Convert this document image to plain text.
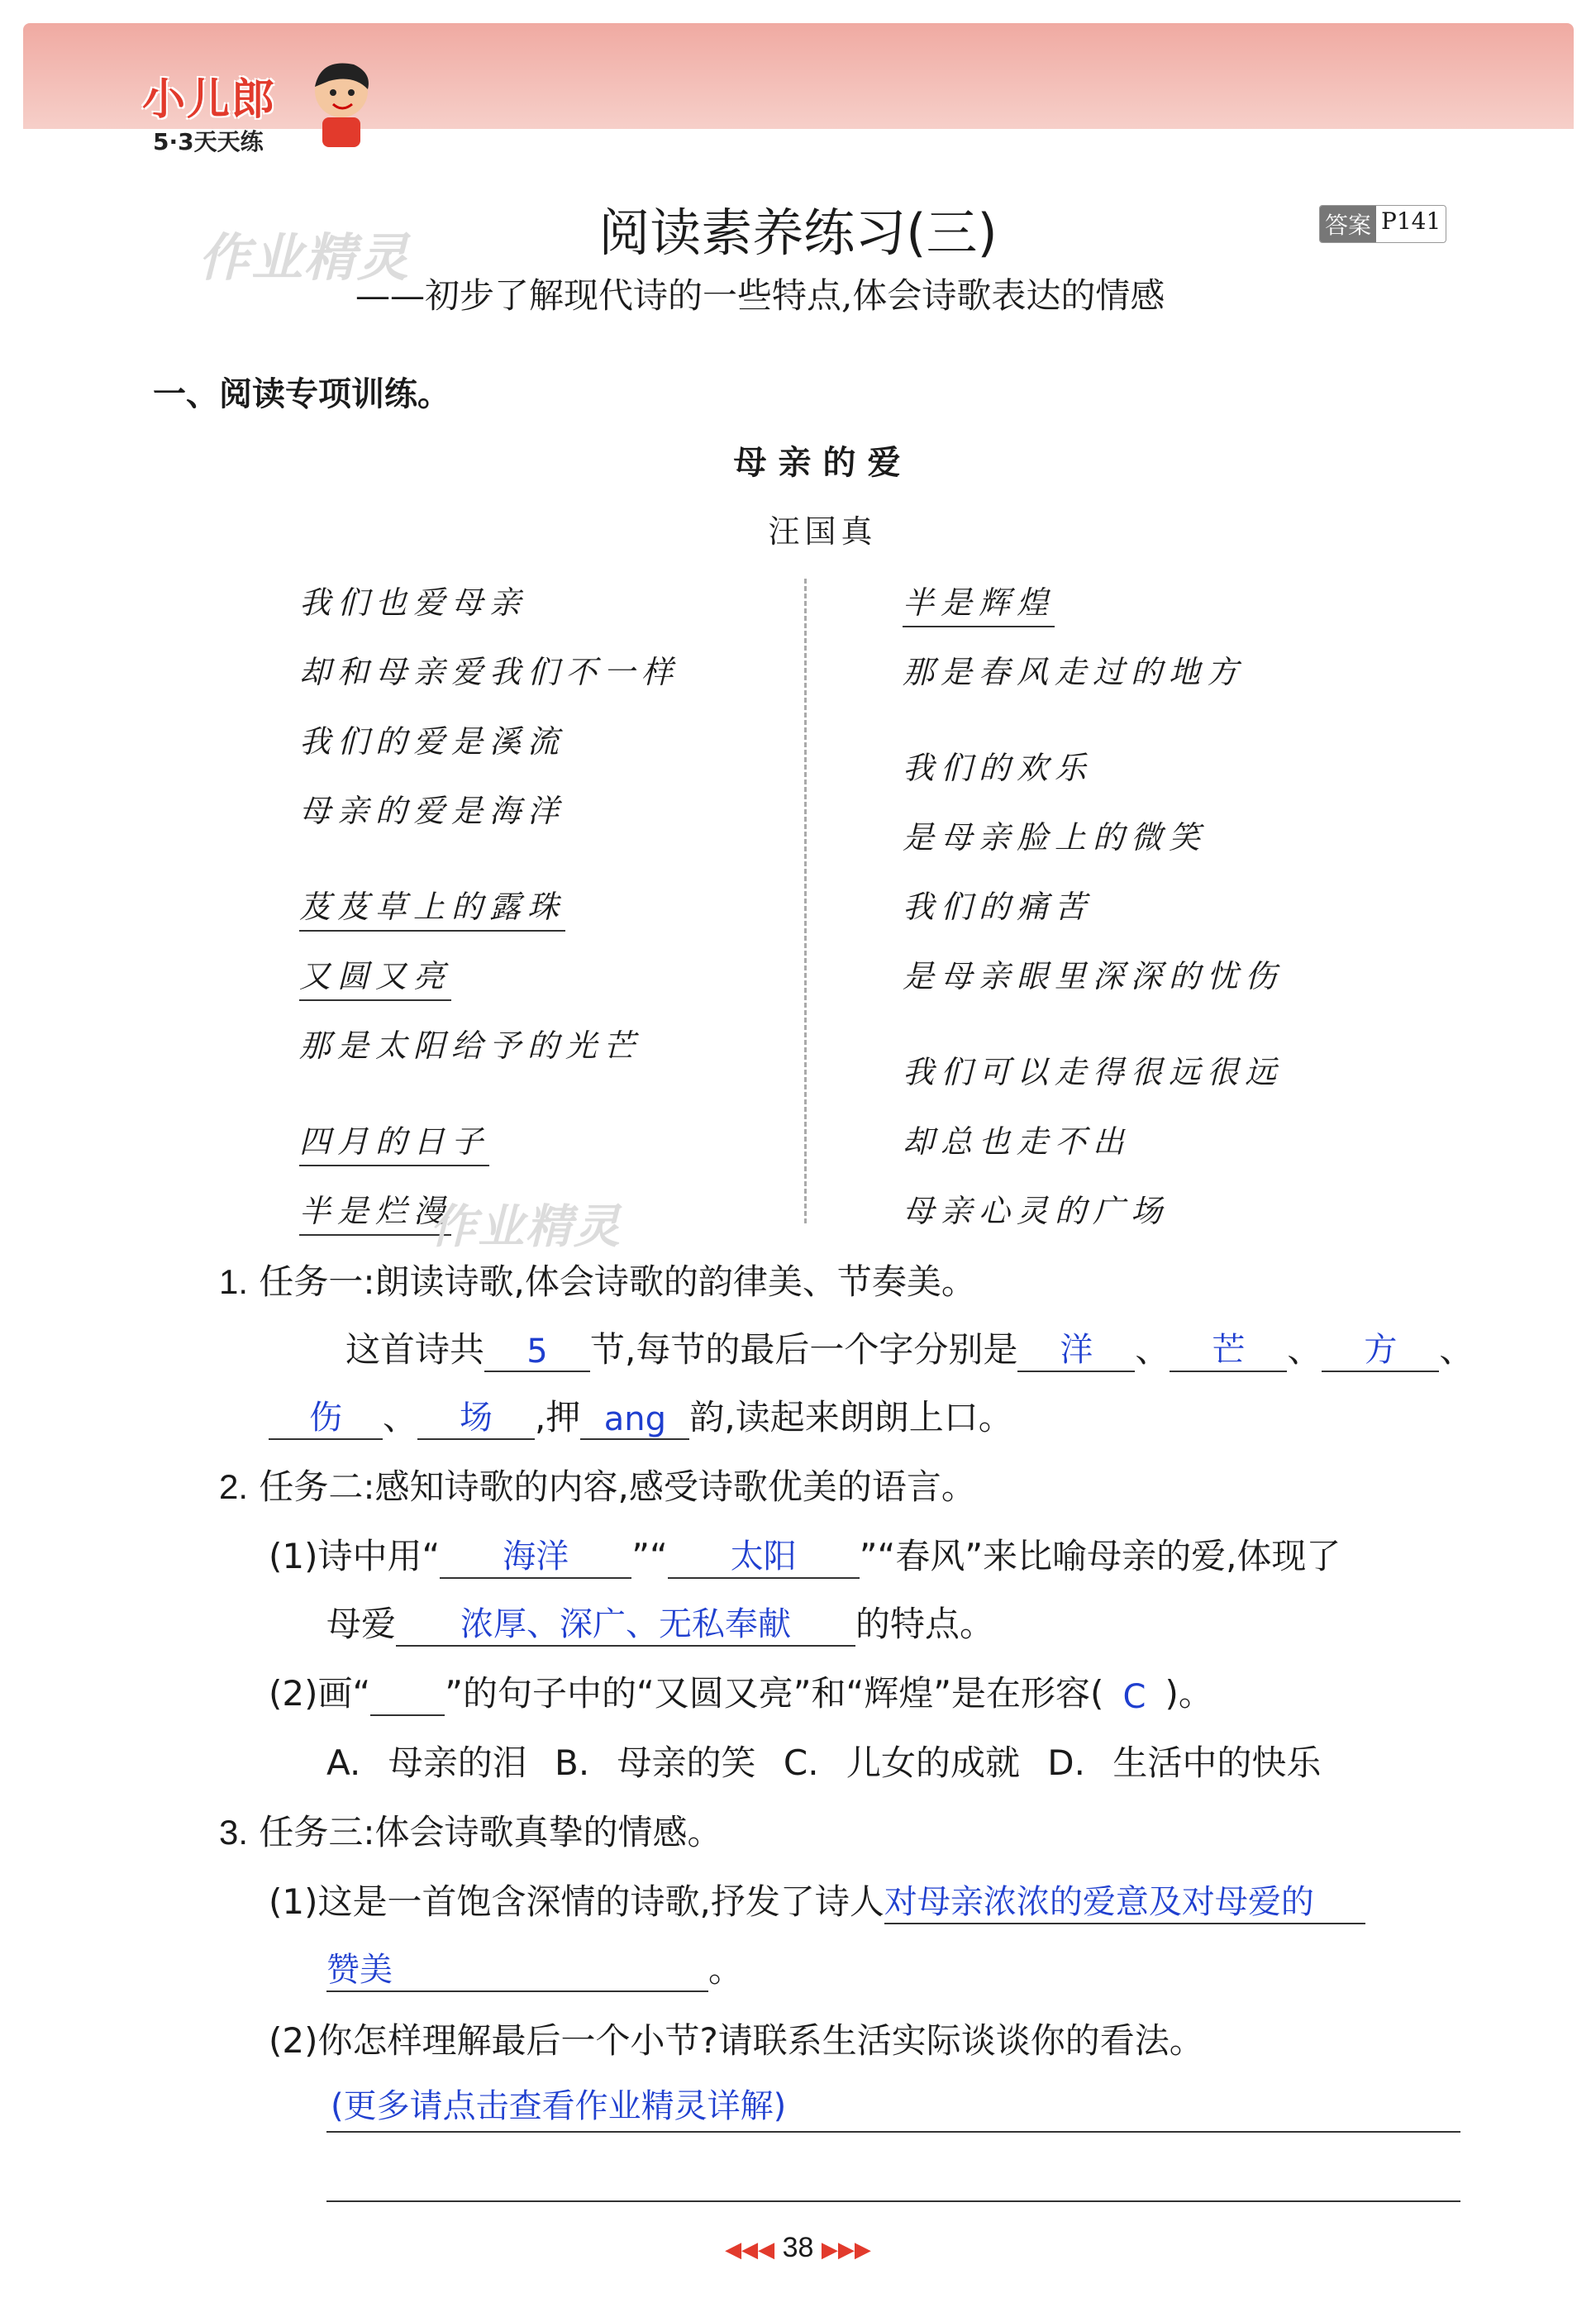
小儿郎
5·3天天练
作业精灵	阅读素养练习(三)	答案 P141
——初步了解现代诗的一些特点,体会诗歌表达的情感
一、阅读专项训练。
母亲的爱
汪国真
我们也爱母亲
却和母亲爱我们不一样
我们的爱是溪流
母亲的爱是海洋
芨芨草上的露珠
又圆又亮
那是太阳给予的光芒
四月的日子
半是烂漫
作业精灵
半是辉煌
那是春风走过的地方
我们的欢乐
是母亲脸上的微笑
我们的痛苦
是母亲眼里深深的忧伤
我们可以走得很远很远
却总也走不出
母亲心灵的广场
1. 任务一:朗读诗歌,体会诗歌的韵律美、节奏美。
这首诗共 5 节,每节的最后一个字分别是 洋 、 芒 、 方 、
伤 、 场 ,押 ang 韵,读起来朗朗上口。
2. 任务二:感知诗歌的内容,感受诗歌优美的语言。
(1)诗中用“ 海洋 ”“ 太阳 ”“春风”来比喻母亲的爱,体现了
母爱 浓厚、深广、无私奉献 的特点。
(2)画“ ”的句子中的“又圆又亮”和“辉煌”是在形容( C )。
A. 母亲的泪 B. 母亲的笑 C. 儿女的成就 D. 生活中的快乐
3. 任务三:体会诗歌真挚的情感。
(1)这是一首饱含深情的诗歌,抒发了诗人对母亲浓浓的爱意及对母爱的
赞美	。
(2)你怎样理解最后一个小节?请联系生活实际谈谈你的看法。
(更多请点击查看作业精灵详解)
◀◀◀ 38 ▶▶▶
